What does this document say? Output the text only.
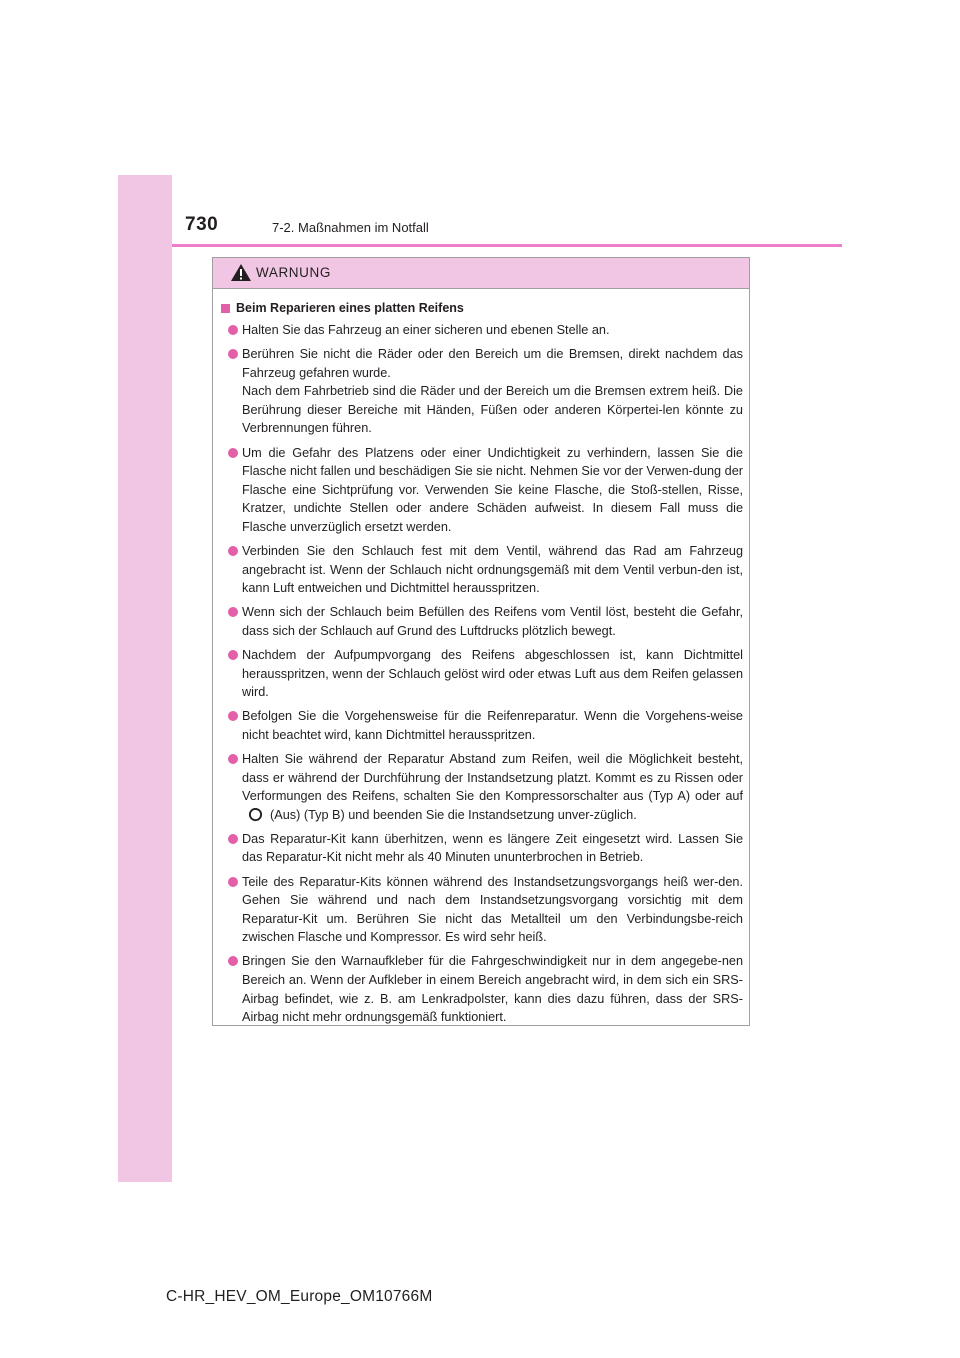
730	7-2. Maßnahmen im Notfall
WARNUNG
Beim Reparieren eines platten Reifens
Halten Sie das Fahrzeug an einer sicheren und ebenen Stelle an.
Berühren Sie nicht die Räder oder den Bereich um die Bremsen, direkt nachdem das Fahrzeug gefahren wurde.
Nach dem Fahrbetrieb sind die Räder und der Bereich um die Bremsen extrem heiß. Die Berührung dieser Bereiche mit Händen, Füßen oder anderen Körpertei-len könnte zu Verbrennungen führen.
Um die Gefahr des Platzens oder einer Undichtigkeit zu verhindern, lassen Sie die Flasche nicht fallen und beschädigen Sie sie nicht. Nehmen Sie vor der Verwen-dung der Flasche eine Sichtprüfung vor. Verwenden Sie keine Flasche, die Stoß-stellen, Risse, Kratzer, undichte Stellen oder andere Schäden aufweist. In diesem Fall muss die Flasche unverzüglich ersetzt werden.
Verbinden Sie den Schlauch fest mit dem Ventil, während das Rad am Fahrzeug angebracht ist. Wenn der Schlauch nicht ordnungsgemäß mit dem Ventil verbun-den ist, kann Luft entweichen und Dichtmittel herausspritzen.
Wenn sich der Schlauch beim Befüllen des Reifens vom Ventil löst, besteht die Gefahr, dass sich der Schlauch auf Grund des Luftdrucks plötzlich bewegt.
Nachdem der Aufpumpvorgang des Reifens abgeschlossen ist, kann Dichtmittel herausspritzen, wenn der Schlauch gelöst wird oder etwas Luft aus dem Reifen gelassen wird.
Befolgen Sie die Vorgehensweise für die Reifenreparatur. Wenn die Vorgehens-weise nicht beachtet wird, kann Dichtmittel herausspritzen.
Halten Sie während der Reparatur Abstand zum Reifen, weil die Möglichkeit besteht, dass er während der Durchführung der Instandsetzung platzt. Kommt es zu Rissen oder Verformungen des Reifens, schalten Sie den Kompressorschalter aus (Typ A) oder auf(Aus) (Typ B) und beenden Sie die Instandsetzung unver-züglich.
Das Reparatur-Kit kann überhitzen, wenn es längere Zeit eingesetzt wird. Lassen Sie das Reparatur-Kit nicht mehr als 40 Minuten ununterbrochen in Betrieb.
Teile des Reparatur-Kits können während des Instandsetzungsvorgangs heiß wer-den. Gehen Sie während und nach dem Instandsetzungsvorgang vorsichtig mit dem Reparatur-Kit um. Berühren Sie nicht das Metallteil um den Verbindungsbe-reich zwischen Flasche und Kompressor. Es wird sehr heiß.
Bringen Sie den Warnaufkleber für die Fahrgeschwindigkeit nur in dem angegebe-nen Bereich an. Wenn der Aufkleber in einem Bereich angebracht wird, in dem sich ein SRS-Airbag befindet, wie z. B. am Lenkradpolster, kann dies dazu führen, dass der SRS-Airbag nicht mehr ordnungsgemäß funktioniert.
C-HR_HEV_OM_Europe_OM10766M
